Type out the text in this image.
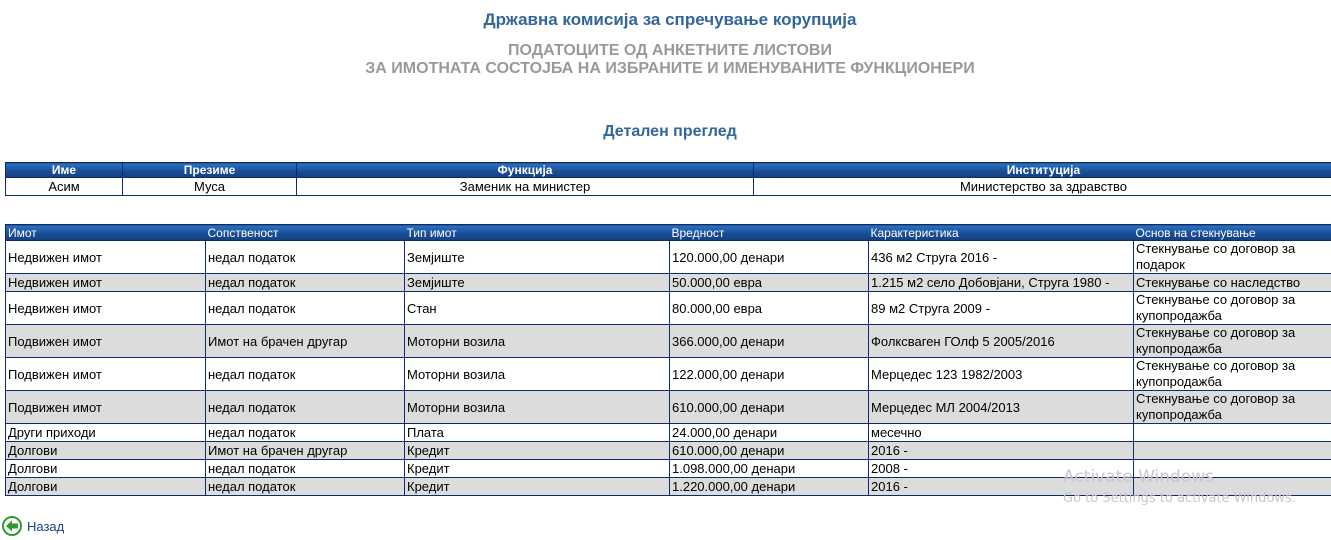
Државна комисија за спречување корупција
ПОДАТОЦИТЕ ОД АНКЕТНИТЕ ЛИСТОВИ
ЗА ИМОТНАТА СОСТОЈБА НА ИЗБРАНИТЕ И ИМЕНУВАНИТЕ ФУНКЦИОНЕРИ
Детален преглед
Име	Презиме	Функција	Институција
Асим	Муса	Заменик на министер	Министерство за здравство
Имот	Сопственост	Тип имот	Вредност	Карактеристика	Основ на стекнување
Недвижен имот	недал податок	Земјиште	120.000,00 денари	436 м2 Струга 2016 -	Стекнување со договор за подарок
Недвижен имот	недал податок	Земјиште	50.000,00 евра	1.215 м2 село Добовјани, Струга 1980 -	Стекнување со наследство
Недвижен имот	недал податок	Стан	80.000,00 евра	89 м2 Струга 2009 -	Стекнување со договор за купопродажба
Подвижен имот	Имот на брачен другар	Моторни возила	366.000,00 денари	Фолксваген ГОлф 5 2005/2016	Стекнување со договор за купопродажба
Подвижен имот	недал податок	Моторни возила	122.000,00 денари	Мерцедес 123 1982/2003	Стекнување со договор за купопродажба
Подвижен имот	недал податок	Моторни возила	610.000,00 денари	Мерцедес МЛ 2004/2013	Стекнување со договор за купопродажба
Други приходи	недал податок	Плата	24.000,00 денари	месечно	
Долгови	Имот на брачен другар	Кредит	610.000,00 денари	2016 -	
Долгови	недал податок	Кредит	1.098.000,00 денари	2008 -	
Долгови	недал податок	Кредит	1.220.000,00 денари	2016 -	
Назад
Activate Windows
Go to Settings to activate Windows.
